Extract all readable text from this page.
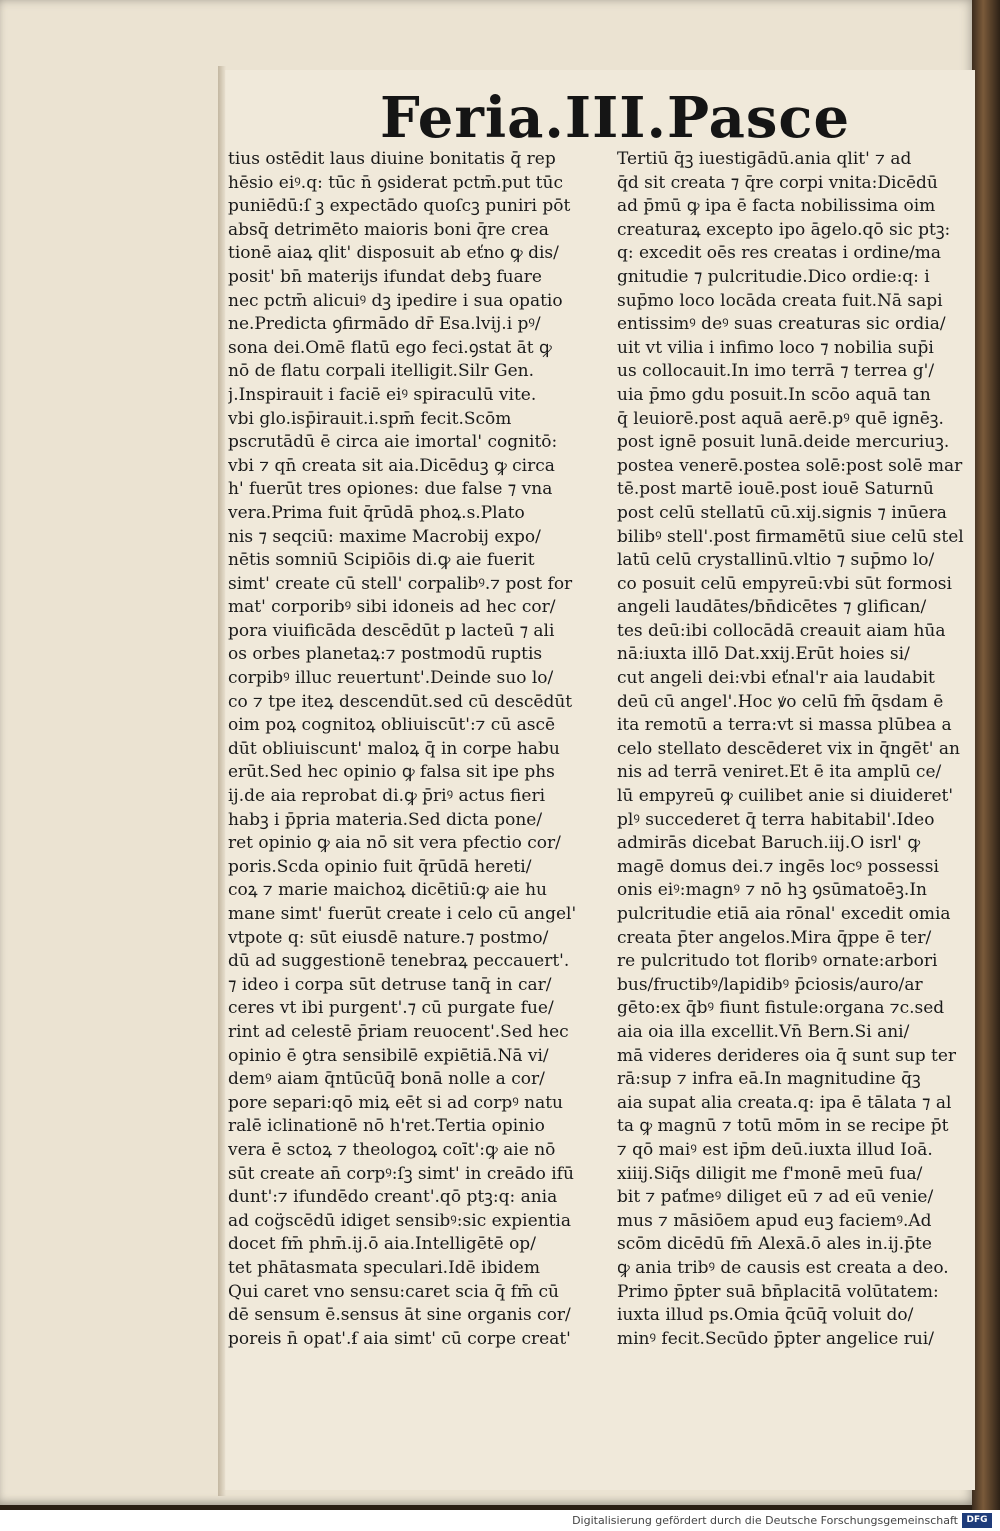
Feria.III.Pasce
tius ostēdit laus diuine bonitatis q̄ rep
hēsio eiꝰ.q: tūc n̄ ꝯsiderat pctm̄.put tūc
puniēdū:ſ ꝫ expectādo quoſcꝫ puniri pōt
absq̄ detrimēto maioris boni q̄re crea
tionē aiaꝝ qlit' disposuit ab eťno ꝙ dis/
posit' bn̄ materijs ifundat debꝫ fuare
nec pctm̄ alicuiꝰ dꝫ ipedire i sua opatio
ne.Predicta ꝯfirmādo dr̄ Esa.lvij.i pꝰ/
sona dei.Omē flatū ego feci.ꝯstat āt ꝙ
nō de flatu corpali itelligit.Silr Gen.
j.Inspirauit i faciē eiꝰ spiraculū vite.
vbi glo.isp̄irauit.i.spm̄ fecit.Scōm
pscrutādū ē circa aie imortal' cognitō:
vbi ⁊ qn̄ creata sit aia.Dicēduꝫ ꝙ circa
h' fuerūt tres opiones: due false ⁊ vna
vera.Prima fuit q̄rūdā phoꝝ.s.Plato
nis ⁊ seqciū: maxime Macrobij expo/
nētis somniū Scipiōis di.ꝙ aie fuerit
simt' create cū stell' corpalibꝰ.⁊ post for
mat' corporibꝰ sibi idoneis ad hec cor/
pora viuificāda descēdūt p lacteū ⁊ ali
os orbes planetaꝝ:⁊ postmodū ruptis
corpibꝰ illuc reuertunt'.Deinde suo lo/
co ⁊ tpe iteꝝ descendūt.sed cū descēdūt
oim poꝝ cognitoꝝ obliuiscūt':⁊ cū ascē
dūt obliuiscunt' maloꝝ q̄ in corpe habu
erūt.Sed hec opinio ꝙ falsa sit ipe phs
ij.de aia reprobat di.ꝙ p̄riꝰ actus fieri
habꝫ i p̄pria materia.Sed dicta pone/
ret opinio ꝙ aia nō sit vera pfectio cor/
poris.Scda opinio fuit q̄rūdā hereti/
coꝝ ⁊ marie maichoꝝ dicētiū:ꝙ aie hu
mane simt' fuerūt create i celo cū angel'
vtpote q: sūt eiusdē nature.⁊ postmo/
dū ad suggestionē tenebraꝝ peccauert'.
⁊ ideo i corpa sūt detruse tanq̄ in car/
ceres vt ibi purgent'.⁊ cū purgate fue/
rint ad celestē p̄riam reuocent'.Sed hec
opinio ē ꝯtra sensibilē expiētiā.Nā vi/
demꝰ aiam q̄ntūcūq̄ bonā nolle a cor/
pore separi:qō miꝝ eēt si ad corpꝰ natu
ralē iclinationē nō h'ret.Tertia opinio
vera ē sctoꝝ ⁊ theologoꝝ coīt':ꝙ aie nō
sūt create an̄ corpꝰ:ſꝫ simt' in creādo ifū
dunt':⁊ ifundēdo creant'.qō ptꝫ:q: ania
ad cog̈scēdū idiget sensibꝰ:sic expientia
docet fm̄ phm̄.ij.ō aia.Intelligētē op/
tet phātasmata speculari.Idē ibidem
Qui caret vno sensu:caret scia q̄ fm̄ cū
dē sensum ē.sensus āt sine organis cor/
poreis n̄ opat'.ẜ aia simt' cū corpe creat'
Tertiū q̄ꝫ iuestigādū.ania qlit' ⁊ ad
q̄d sit creata ⁊ q̄re corpi vnita:Dicēdū
ad p̄mū ꝙ ipa ē facta nobilissima oim
creaturaꝝ excepto ipo āgelo.qō sic ptꝫ:
q: excedit oēs res creatas i ordine/ma
gnitudie ⁊ pulcritudie.Dico ordie:q: i
sup̄mo loco locāda creata fuit.Nā sapi
entissimꝰ deꝰ suas creaturas sic ordia/
uit vt vilia i infimo loco ⁊ nobilia sup̄i
us collocauit.In imo terrā ⁊ terrea g'/
uia p̄mo gdu posuit.In scōo aquā tan
q̄ leuiorē.post aquā aerē.pꝰ quē ignēꝫ.
post ignē posuit lunā.deide mercuriuꝫ.
postea venerē.postea solē:post solē mar
tē.post martē iouē.post iouē Saturnū
post celū stellatū cū.xij.signis ⁊ inūera
bilibꝰ stell'.post firmamētū siue celū stel
latū celū crystallinū.vltio ⁊ sup̄mo lo/
co posuit celū empyreū:vbi sūt formosi
angeli laudātes/bn̄dicētes ⁊ glifican/
tes deū:ibi collocādā creauit aiam hūa
nā:iuxta illō Dat.xxij.Erūt hoies si/
cut angeli dei:vbi eťnal'r aia laudabit
deū cū angel'.Hoc ꝟo celū fm̄ q̄sdam ē
ita remotū a terra:vt si massa plūbea a
celo stellato descēderet vix in q̄ngēt' an
nis ad terrā veniret.Et ē ita amplū ce/
lū empyreū ꝙ cuilibet anie si diuideret'
plꝰ succederet q̄ terra habitabil'.Ideo
admirās dicebat Baruch.iij.O isrl' ꝙ
magē domus dei.⁊ ingēs locꝰ possessi
onis eiꝰ:magnꝰ ⁊ nō hꝫ ꝯsūmatoēꝫ.In
pulcritudie etiā aia rōnal' excedit omia
creata p̄ter angelos.Mira q̄ppe ē ter/
re pulcritudo tot floribꝰ ornate:arbori
bus/fructibꝰ/lapidibꝰ p̄ciosis/auro/ar
gēto:ex q̄bꝰ fiunt fistule:organa ⁊c.sed
aia oia illa excellit.Vn̄ Bern.Si ani/
mā videres derideres oia q̄ sunt sup ter
rā:sup ⁊ infra eā.In magnitudine q̄ꝫ
aia supat alia creata.q: ipa ē tālata ⁊ al
ta ꝙ magnū ⁊ totū mōm in se recipe p̄t
⁊ qō maiꝰ est ip̄m deū.iuxta illud Ioā.
xiiij.Siq̄s diligit me f'monē meū fua/
bit ⁊ paťmeꝰ diliget eū ⁊ ad eū venie/
mus ⁊ māsiōem apud euꝫ faciemꝰ.Ad
scōm dicēdū fm̄ Alexā.ō ales in.ij.p̄te
ꝙ ania tribꝰ de causis est creata a deo.
Primo p̄pter suā bn̄placitā volūtatem:
iuxta illud ps.Omia q̄cūq̄ voluit do/
minꝰ fecit.Secūdo p̄pter angelice rui/
Digitalisierung gefördert durch die Deutsche Forschungsgemeinschaft DFG
